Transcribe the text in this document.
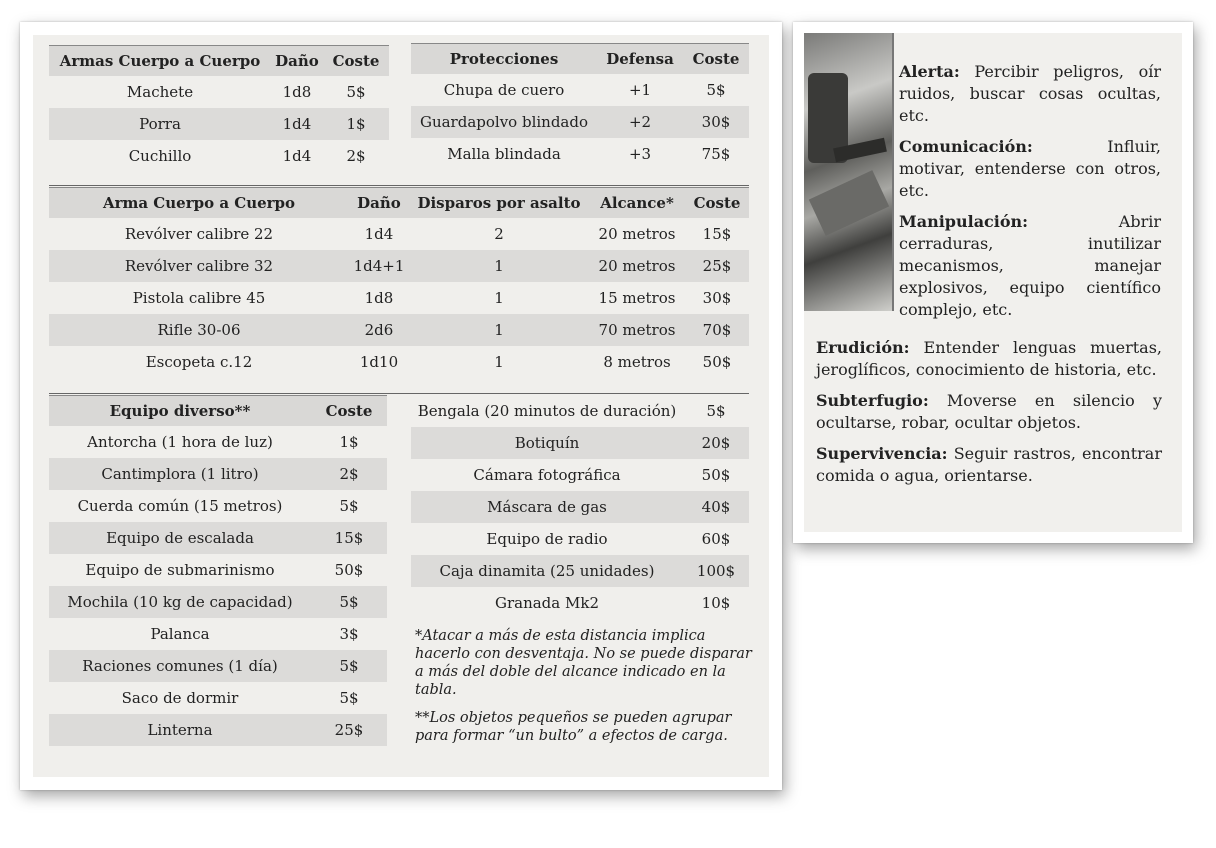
Armas Cuerpo a Cuerpo	Daño	Coste
Machete	1d8	5$
Porra	1d4	1$
Cuchillo	1d4	2$
Protecciones	Defensa	Coste
Chupa de cuero	+1	5$
Guardapolvo blindado	+2	30$
Malla blindada	+3	75$
Arma Cuerpo a Cuerpo	Daño	Disparos por asalto	Alcance*	Coste
Revólver calibre 22	1d4	2	20 metros	15$
Revólver calibre 32	1d4+1	1	20 metros	25$
Pistola calibre 45	1d8	1	15 metros	30$
Rifle 30-06	2d6	1	70 metros	70$
Escopeta c.12	1d10	1	8 metros	50$
Equipo diverso**	Coste
Antorcha (1 hora de luz)	1$
Cantimplora (1 litro)	2$
Cuerda común (15 metros)	5$
Equipo de escalada	15$
Equipo de submarinismo	50$
Mochila (10 kg de capacidad)	5$
Palanca	3$
Raciones comunes (1 día)	5$
Saco de dormir	5$
Linterna	25$
Bengala (20 minutos de duración)	5$
Botiquín	20$
Cámara fotográfica	50$
Máscara de gas	40$
Equipo de radio	60$
Caja dinamita (25 unidades)	100$
Granada Mk2	10$

*Atacar a más de esta distancia implica hacerlo con desventaja. No se puede disparar a más del doble del alcance indicado en la tabla.

**Los objetos pequeños se pueden agrupar para formar “un bulto” a efectos de carga.

Alerta: Percibir peligros, oír ruidos, buscar cosas ocultas, etc.

Comunicación:	Influir, motivar, entenderse con otros, etc.

Manipulación:	Abrir cerraduras, inutilizar mecanismos, manejar explosivos, equipo científico complejo, etc.

Erudición: Entender lenguas muertas, jeroglíficos, conocimiento de historia, etc.

Subterfugio: Moverse en silencio y ocultarse, robar, ocultar objetos.

Supervivencia: Seguir rastros, encontrar comida o agua, orientarse.
